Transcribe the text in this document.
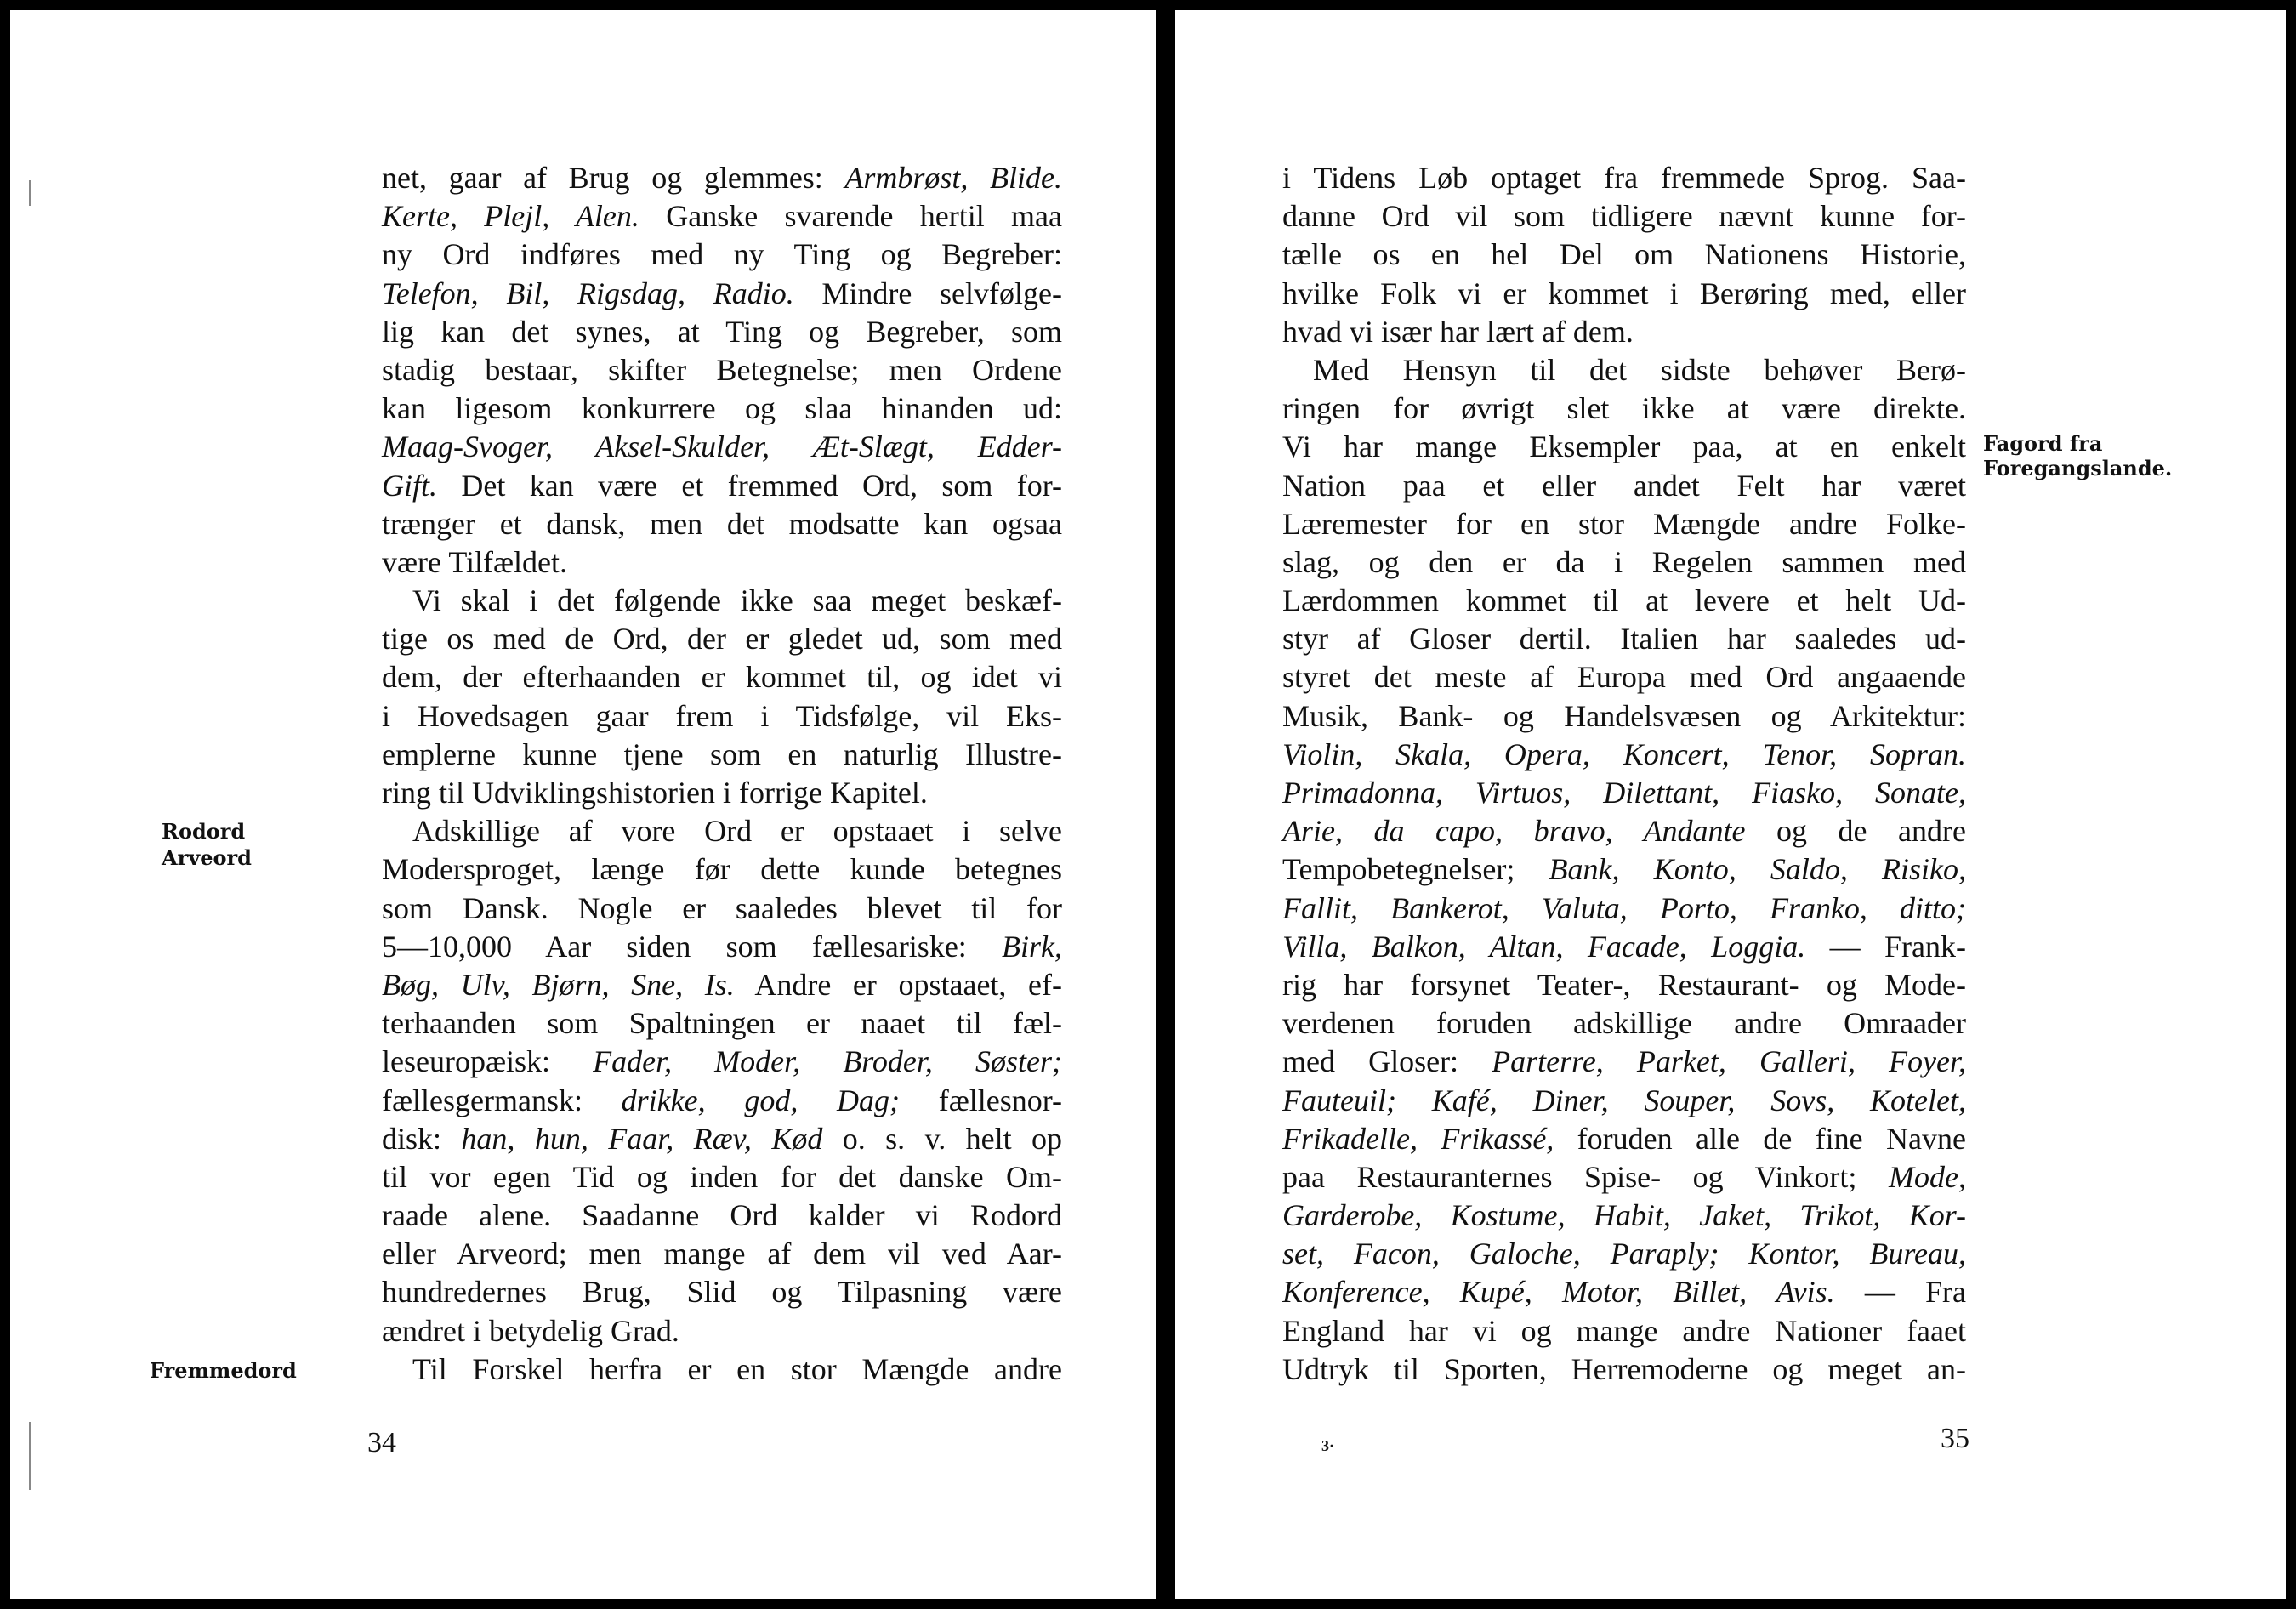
net, gaar af Brug og glemmes: Armbrøst, Blide.
Kerte, Plejl, Alen. Ganske svarende hertil maa
ny Ord indføres med ny Ting og Begreber:
Telefon, Bil, Rigsdag, Radio. Mindre selvfølge-
lig kan det synes, at Ting og Begreber, som
stadig bestaar, skifter Betegnelse; men Ordene
kan ligesom konkurrere og slaa hinanden ud:
Maag-Svoger, Aksel-Skulder, Æt-Slægt, Edder-
Gift. Det kan være et fremmed Ord, som for-
trænger et dansk, men det modsatte kan ogsaa
være Tilfældet.
Vi skal i det følgende ikke saa meget beskæf-
tige os med de Ord, der er gledet ud, som med
dem, der efterhaanden er kommet til, og idet vi
i Hovedsagen gaar frem i Tidsfølge, vil Eks-
emplerne kunne tjene som en naturlig Illustre-
ring til Udviklingshistorien i forrige Kapitel.
Adskillige af vore Ord er opstaaet i selve
Modersproget, længe før dette kunde betegnes
som Dansk. Nogle er saaledes blevet til for
5—10,000 Aar siden som fællesariske: Birk,
Bøg, Ulv, Bjørn, Sne, Is. Andre er opstaaet, ef-
terhaanden som Spaltningen er naaet til fæl-
leseuropæisk: Fader, Moder, Broder, Søster;
fællesgermansk: drikke, god, Dag; fællesnor-
disk: han, hun, Faar, Ræv, Kød o. s. v. helt op
til vor egen Tid og inden for det danske Om-
raade alene. Saadanne Ord kalder vi Rodord
eller Arveord; men mange af dem vil ved Aar-
hundredernes Brug, Slid og Tilpasning være
ændret i betydelig Grad.
Til Forskel herfra er en stor Mængde andre
Rodord
Arveord
Fremmedord
34
i Tidens Løb optaget fra fremmede Sprog. Saa-
danne Ord vil som tidligere nævnt kunne for-
tælle os en hel Del om Nationens Historie,
hvilke Folk vi er kommet i Berøring med, eller
hvad vi især har lært af dem.
Med Hensyn til det sidste behøver Berø-
ringen for øvrigt slet ikke at være direkte.
Vi har mange Eksempler paa, at en enkelt
Nation paa et eller andet Felt har været
Læremester for en stor Mængde andre Folke-
slag, og den er da i Regelen sammen med
Lærdommen kommet til at levere et helt Ud-
styr af Gloser dertil. Italien har saaledes ud-
styret det meste af Europa med Ord angaaende
Musik, Bank- og Handelsvæsen og Arkitektur:
Violin, Skala, Opera, Koncert, Tenor, Sopran.
Primadonna, Virtuos, Dilettant, Fiasko, Sonate,
Arie, da capo, bravo, Andante og de andre
Tempobetegnelser; Bank, Konto, Saldo, Risiko,
Fallit, Bankerot, Valuta, Porto, Franko, ditto;
Villa, Balkon, Altan, Facade, Loggia. — Frank-
rig har forsynet Teater-, Restaurant- og Mode-
verdenen foruden adskillige andre Omraader
med Gloser: Parterre, Parket, Galleri, Foyer,
Fauteuil; Kafé, Diner, Souper, Sovs, Kotelet,
Frikadelle, Frikassé, foruden alle de fine Navne
paa Restauranternes Spise- og Vinkort; Mode,
Garderobe, Kostume, Habit, Jaket, Trikot, Kor-
set, Facon, Galoche, Paraply; Kontor, Bureau,
Konference, Kupé, Motor, Billet, Avis. — Fra
England har vi og mange andre Nationer faaet
Udtryk til Sporten, Herremoderne og meget an-
Fagord fra
Foregangslande.
3·	35
